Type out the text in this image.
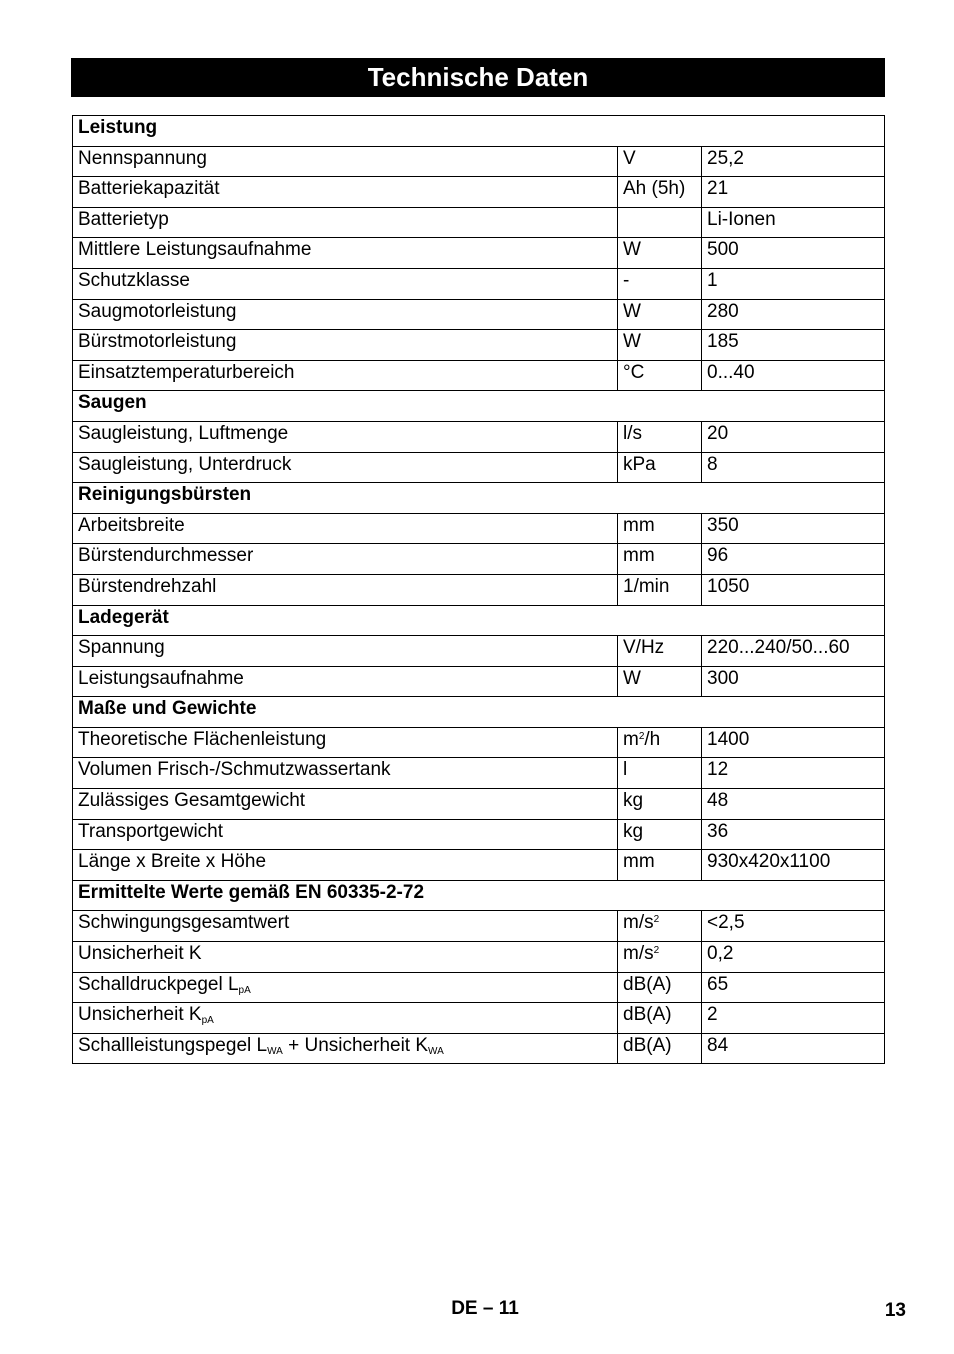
Technische Daten
Leistung		
Nennspannung	V	25,2
Batteriekapazität	Ah (5h)	21
Batterietyp		Li-Ionen
Mittlere Leistungsaufnahme	W	500
Schutzklasse	-	1
Saugmotorleistung	W	280
Bürstmotorleistung	W	185
Einsatztemperaturbereich	°C	0...40
Saugen		
Saugleistung, Luftmenge	l/s	20
Saugleistung, Unterdruck	kPa	8
Reinigungsbürsten		
Arbeitsbreite	mm	350
Bürstendurchmesser	mm	96
Bürstendrehzahl	1/min	1050
Ladegerät		
Spannung	V/Hz	220...240/50...60
Leistungsaufnahme	W	300
Maße und Gewichte		
Theoretische Flächenleistung	$m^2/h$	1400
Volumen Frisch-/Schmutzwassertank	l	12
Zulässiges Gesamtgewicht	kg	48
Transportgewicht	kg	36
Länge x Breite x Höhe	mm	930x420x1100
Ermittelte Werte gemäß EN 60335-2-72		
Schwingungsgesamtwert	$m/s^2$	<2,5
Unsicherheit K	$m/s^2$	0,2
Schalldruckpegel $L_{pA}$	dB(A)	65
Unsicherheit $K_{pA}$	dB(A)	2
Schallleistungspegel $L_{WA}$ + Unsicherheit $K_{WA}$	dB(A)	84
DE – 11	13
